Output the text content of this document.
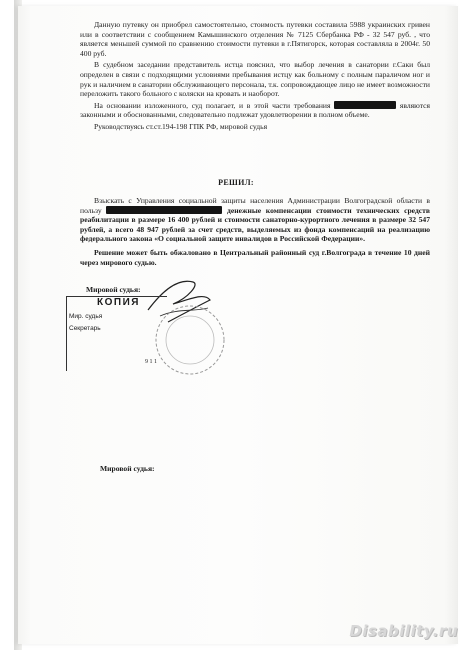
Данную путевку он приобрел самостоятельно, стоимость путевки составила 5988 украинских гривен или в соответствии с сообщением Камышинского отделения № 7125 Сбербанка РФ - 32 547 руб. , что является меньшей суммой по сравнению стоимости путевки в г.Пятигорск, которая составляла в 2004г. 50 400 руб.

В судебном заседании представитель истца пояснил, что выбор лечения в санатории г.Саки был определен в связи с подходящими условиями пребывания истцу как больному с полным параличом ног и рук и наличием в санатории обслуживающего персонала, т.к. сопровождающее лицо не имеет возможности переложить такого больного с коляски на кровать и наоборот.

На основании изложенного, суд полагает, и в этой части требования	являются законными и обоснованными, следовательно подлежат удовлетворении в полном объеме.

Руководствуясь ст.ст.194-198 ГПК РФ, мировой судья

РЕШИЛ:

Взыскать с Управления социальной защиты населения Администрации Волгоградской области в пользу	денежные компенсации стоимости технических средств реабилитации в размере 16 400 рублей и стоимости санаторно-курортного лечения в размере 32 547 рублей, а всего 48 947 рублей за счет средств, выделяемых из фонда компенсаций на реализацию федерального закона «О социальной защите инвалидов в Российской Федерации».

Решение может быть обжаловано в Центральный районный суд г.Волгограда в течение 10 дней через мирового судью.

Мировой судья:
КОПИЯ
Мир. судья
Секретарь
9 1 1
Мировой судья:
Disability.ru
